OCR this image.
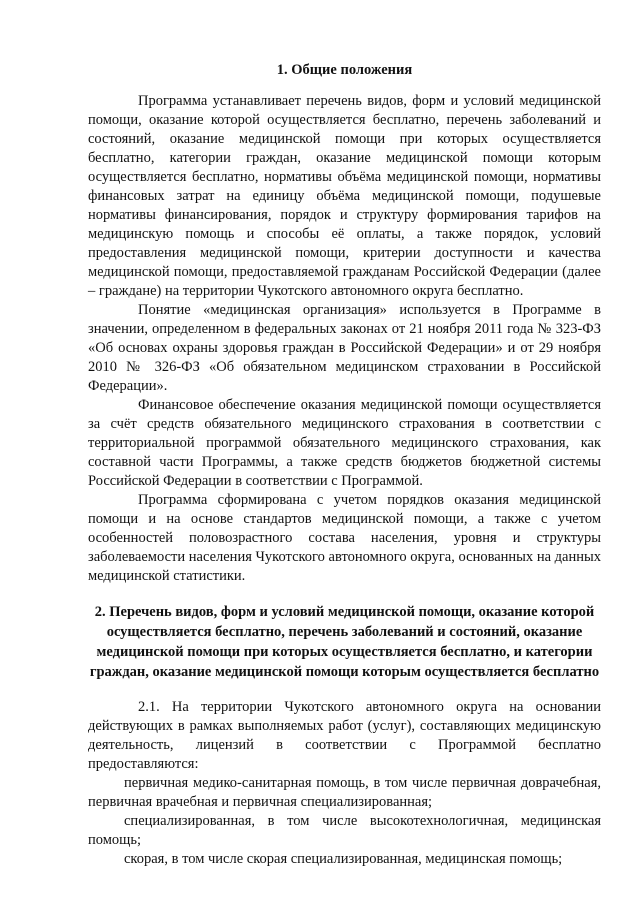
1. Общие положения

Программа устанавливает перечень видов, форм и условий медицинской помощи, оказание которой осуществляется бесплатно, перечень заболеваний и состояний, оказание медицинской помощи при которых осуществляется бесплатно, категории граждан, оказание медицинской помощи которым осуществляется бесплатно, нормативы объёма медицинской помощи, нормативы финансовых затрат на единицу объёма медицинской помощи, подушевые нормативы финансирования, порядок и структуру формирования тарифов на медицинскую помощь и способы её оплаты, а также порядок, условий предоставления медицинской помощи, критерии доступности и качества медицинской помощи, предоставляемой гражданам Российской Федерации (далее – граждане) на территории Чукотского автономного округа бесплатно.

Понятие «медицинская организация» используется в Программе в значении, определенном в федеральных законах от 21 ноября 2011 года № 323-ФЗ «Об основах охраны здоровья граждан в Российской Федерации» и от 29 ноября 2010 № 326-ФЗ «Об обязательном медицинском страховании в Российской Федерации».

Финансовое обеспечение оказания медицинской помощи осуществляется за счёт средств обязательного медицинского страхования в соответствии с территориальной программой обязательного медицинского страхования, как составной части Программы, а также средств бюджетов бюджетной системы Российской Федерации в соответствии с Программой.

Программа сформирована с учетом порядков оказания медицинской помощи и на основе стандартов медицинской помощи, а также с учетом особенностей половозрастного состава населения, уровня и структуры заболеваемости населения Чукотского автономного округа, основанных на данных медицинской статистики.

2. Перечень видов, форм и условий медицинской помощи, оказание которой осуществляется бесплатно, перечень заболеваний и состояний, оказание медицинской помощи при которых осуществляется бесплатно, и категории граждан, оказание медицинской помощи которым осуществляется бесплатно

2.1. На территории Чукотского автономного округа на основании действующих в рамках выполняемых работ (услуг), составляющих медицинскую деятельность, лицензий в соответствии с Программой бесплатно предоставляются:

первичная медико-санитарная помощь, в том числе первичная доврачебная, первичная врачебная и первичная специализированная;

специализированная, в том числе высокотехнологичная, медицинская помощь;

скорая, в том числе скорая специализированная, медицинская помощь;
